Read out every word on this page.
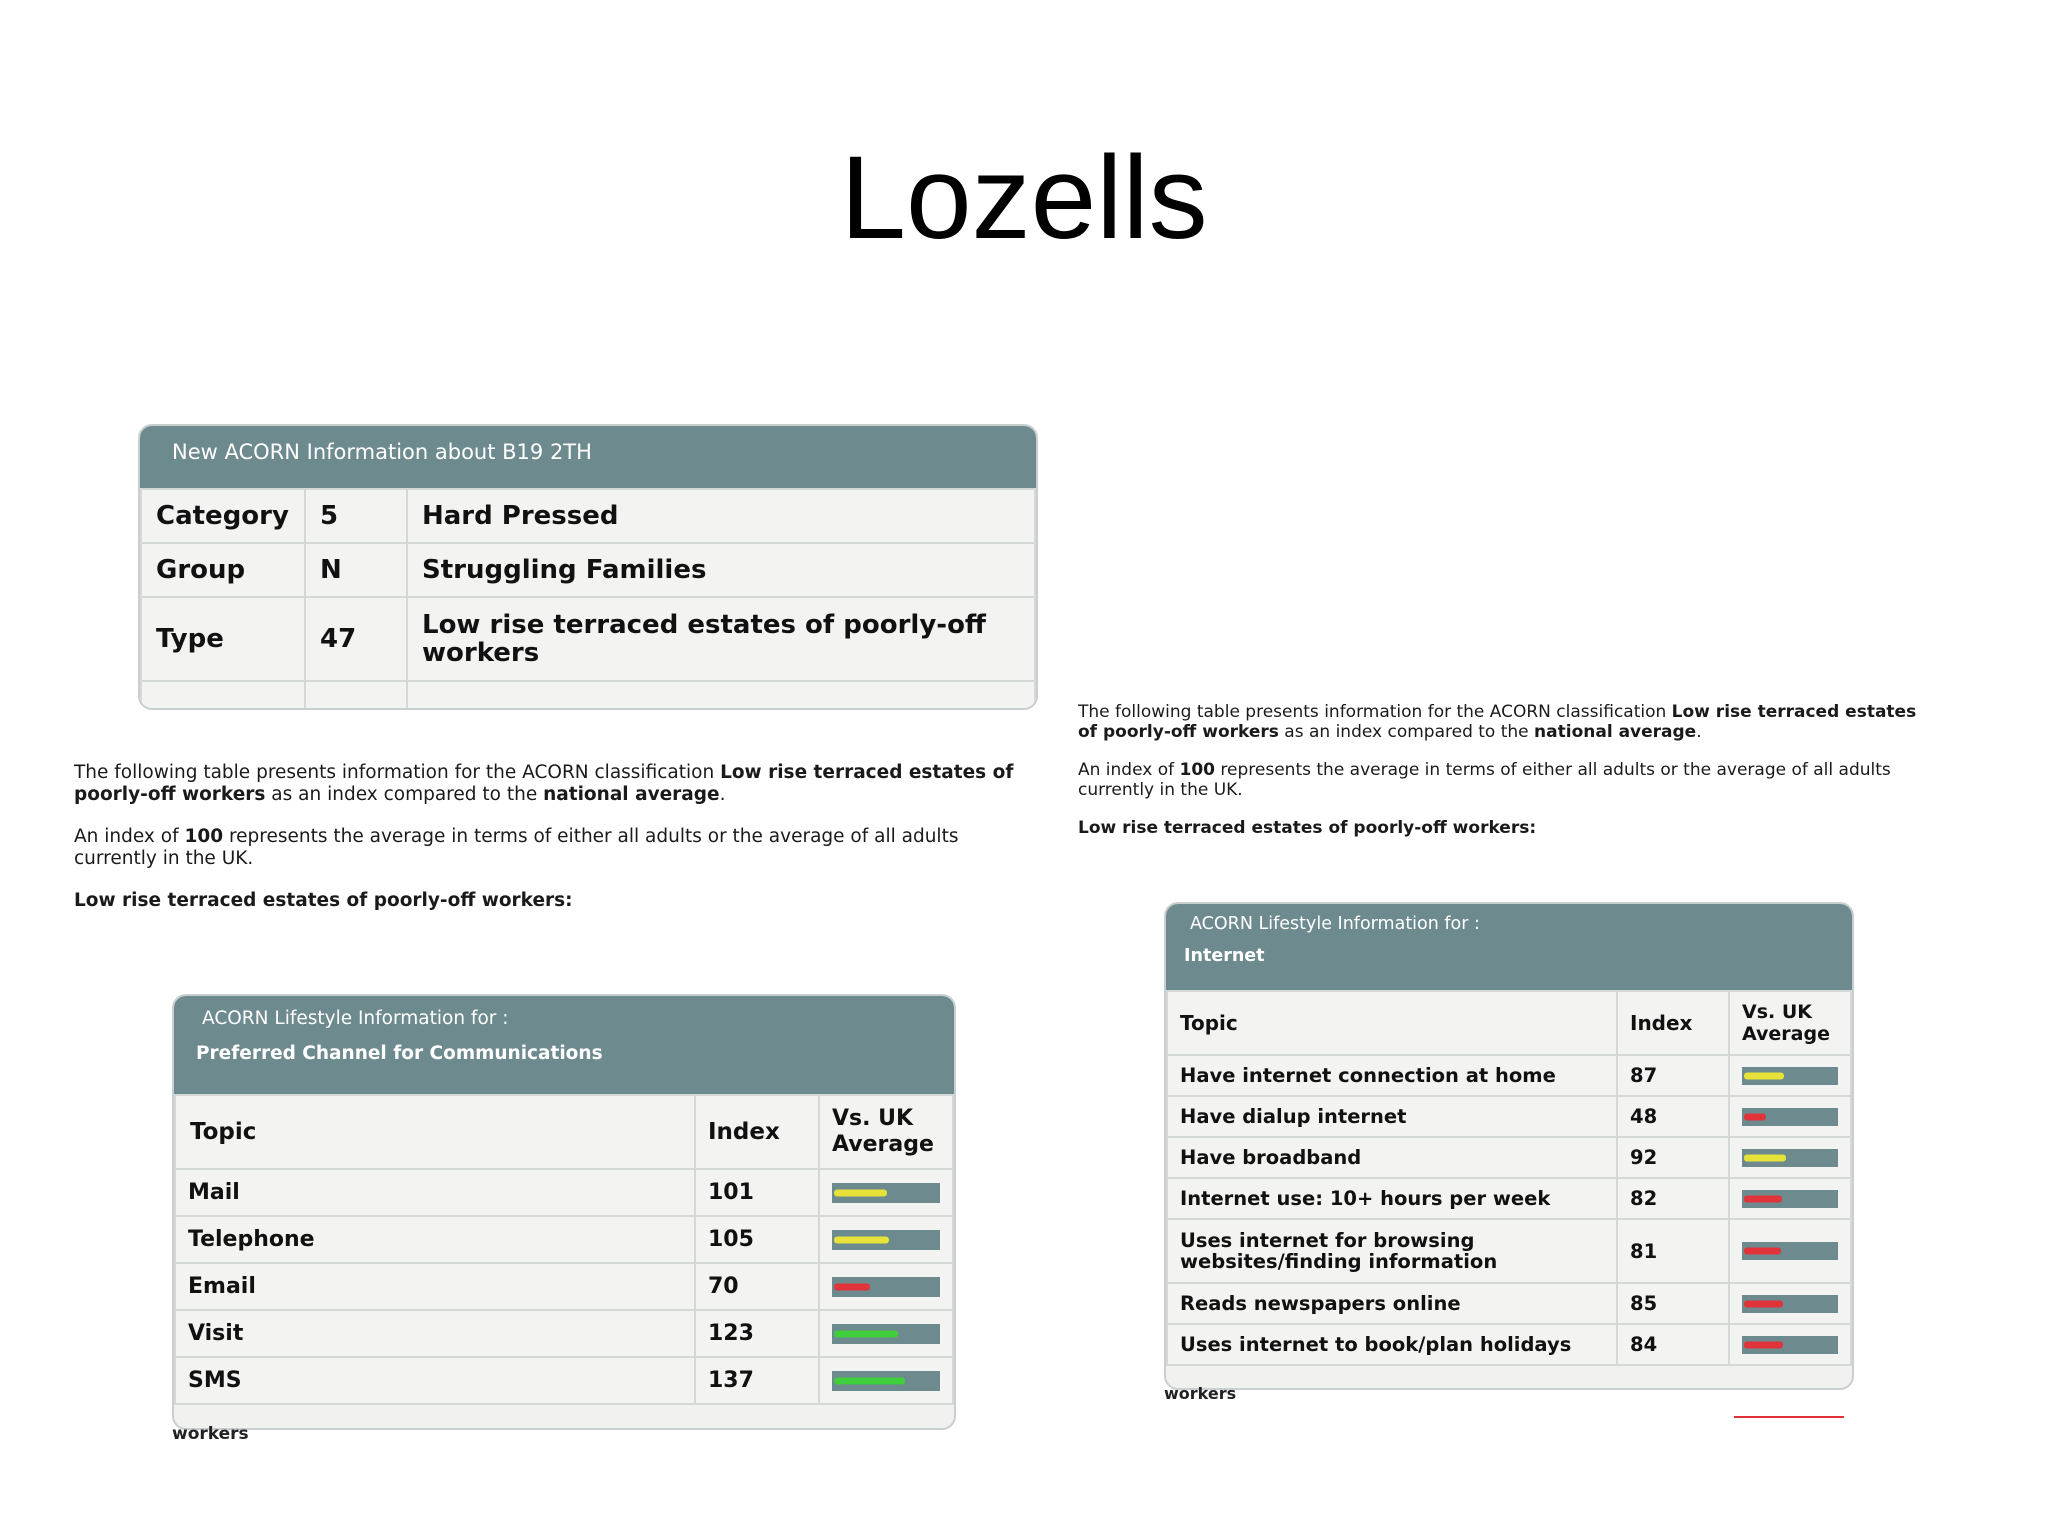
Lozells
New ACORN Information about B19 2TH
Category	5	Hard Pressed
Group	N	Struggling Families
Type	47	Low rise terraced estates of poorly-off workers

The following table presents information for the ACORN classification Low rise terraced estates of poorly-off workers as an index compared to the national average.

An index of 100 represents the average in terms of either all adults or the average of all adults currently in the UK.

Low rise terraced estates of poorly-off workers:

The following table presents information for the ACORN classification Low rise terraced estates of poorly-off workers as an index compared to the national average.

An index of 100 represents the average in terms of either all adults or the average of all adults currently in the UK.

Low rise terraced estates of poorly-off workers:

ACORN Lifestyle Information for :
Preferred Channel for Communications
Topic	Index	Vs. UK Average
Mail	101	

Telephone	105	

Email	70	

Visit	123	

SMS	137	
workers
ACORN Lifestyle Information for :
Internet
Topic	Index	Vs. UK Average
Have internet connection at home	87	

Have dialup internet	48	

Have broadband	92	

Internet use: 10+ hours per week	82	

Uses internet for browsing websites/finding information	81	

Reads newspapers online	85	

Uses internet to book/plan holidays	84	
workers
